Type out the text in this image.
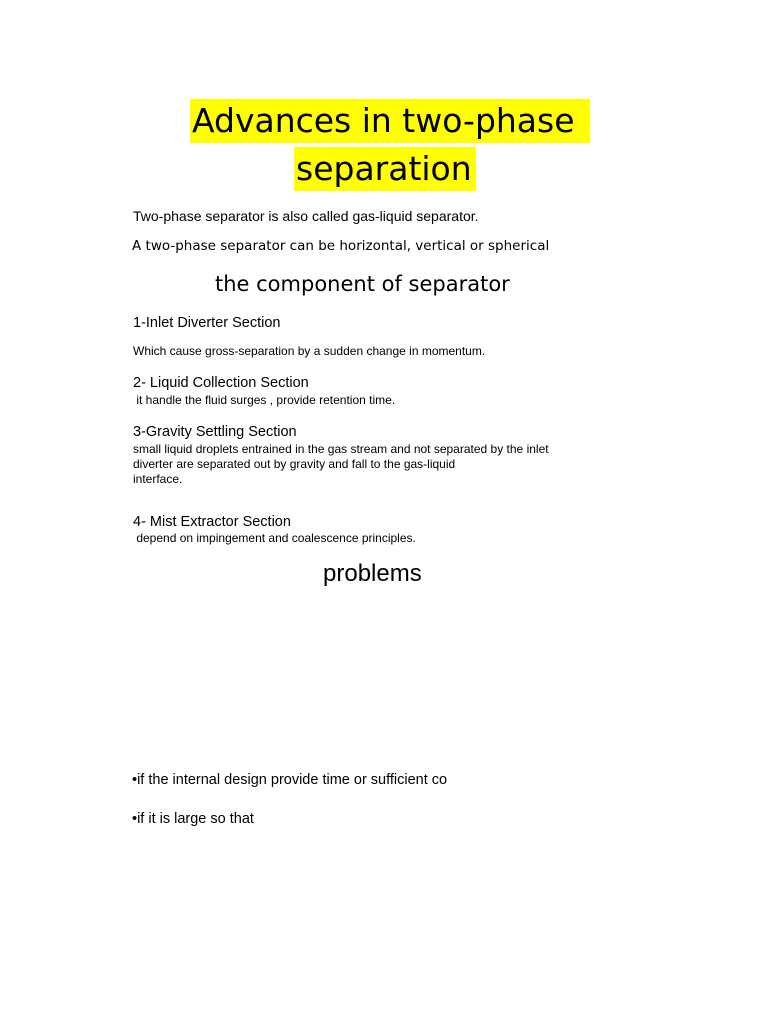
Advances in two-phase
separation

Two-phase separator is also called gas-liquid separator.

A two-phase separator can be horizontal, vertical or spherical

the component of separator
1-Inlet Diverter Section

Which cause gross-separation by a sudden change in momentum.

2- Liquid Collection Section

it handle the fluid surges , provide retention time.

3-Gravity Settling Section

small liquid droplets entrained in the gas stream and not separated by the inlet

diverter are separated out by gravity and fall to the gas-liquid

interface.

4- Mist Extractor Section

depend on impingement and coalescence principles.

problems

•if the internal design provide time or sufficient co

•if it is large so that
